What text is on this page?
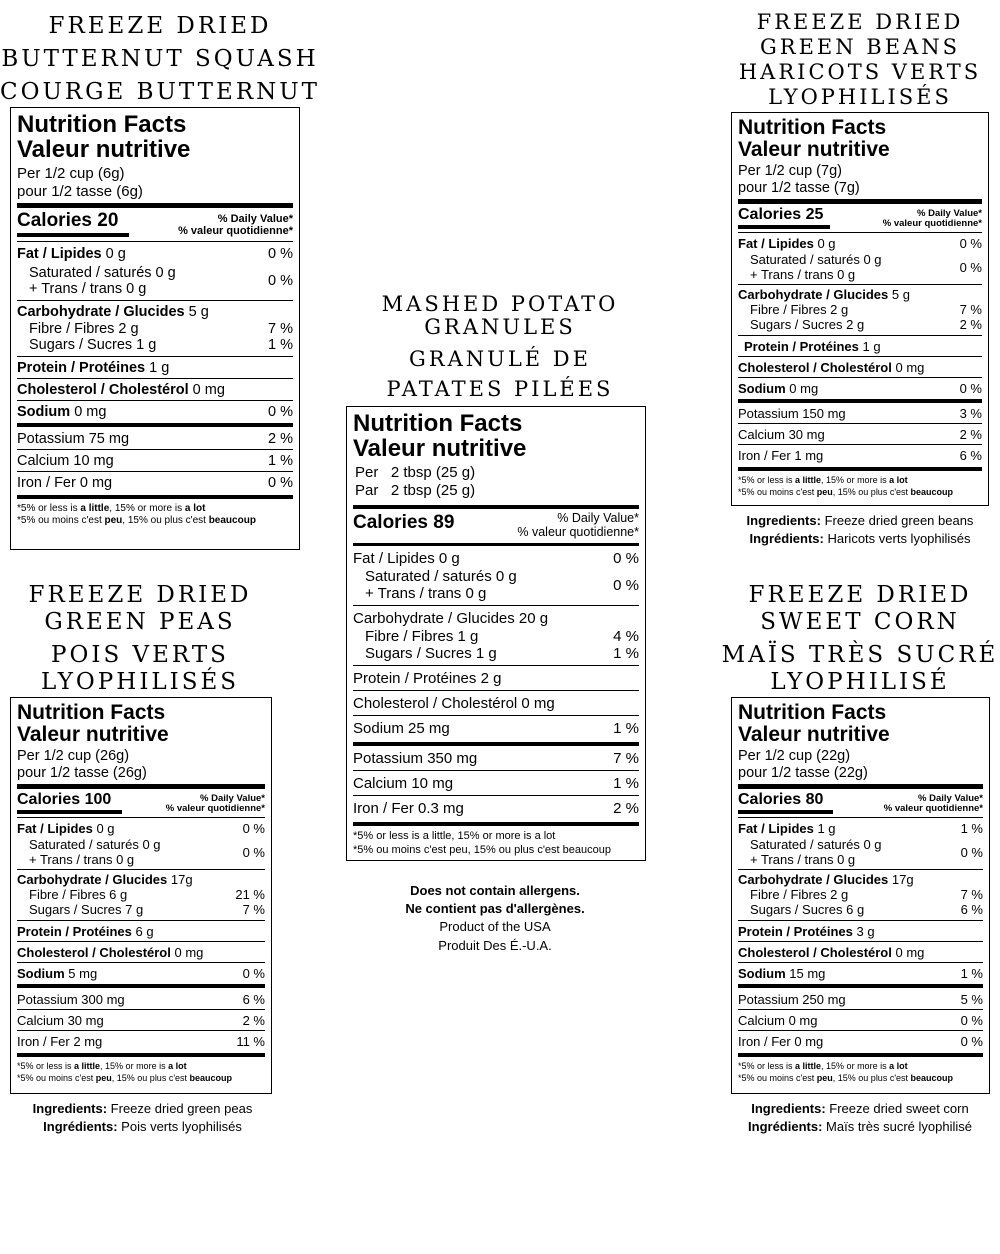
FREEZE DRIED
BUTTERNUT SQUASH
COURGE BUTTERNUT
Nutrition Facts
Valeur nutritive
Per 1/2 cup (6g)
pour 1/2 tasse (6g)
Calories 20	% Daily Value*
% valeur quotidienne*
Fat / Lipides 0 g	0 %
Saturated / saturés 0 g
+ Trans / trans 0 g	0 %
Carbohydrate / Glucides 5 g
Fibre / Fibres 2 g	7 %
Sugars / Sucres 1 g	1 %
Protein / Protéines 1 g
Cholesterol / Cholestérol 0 mg
Sodium 0 mg	0 %
Potassium 75 mg	2 %
Calcium 10 mg	1 %
Iron / Fer 0 mg	0 %
*5% or less is a little, 15% or more is a lot
*5% ou moins c'est peu, 15% ou plus c'est beaucoup
FREEZE DRIED
GREEN BEANS
HARICOTS VERTS
LYOPHILISÉS
Nutrition Facts
Valeur nutritive
Per 1/2 cup (7g)
pour 1/2 tasse (7g)
Calories 25	% Daily Value*
% valeur quotidienne*
Fat / Lipides 0 g	0 %
Saturated / saturés 0 g
+ Trans / trans 0 g	0 %
Carbohydrate / Glucides 5 g
Fibre / Fibres 2 g	7 %
Sugars / Sucres 2 g	2 %
Protein / Protéines 1 g
Cholesterol / Cholestérol 0 mg
Sodium 0 mg	0 %
Potassium 150 mg	3 %
Calcium 30 mg	2 %
Iron / Fer 1 mg	6 %
*5% or less is a little, 15% or more is a lot
*5% ou moins c'est peu, 15% ou plus c'est beaucoup
Ingredients: Freeze dried green beans
Ingrédients: Haricots verts lyophilisés
MASHED POTATO
GRANULES
GRANULÉ DE
PATATES PILÉES
Nutrition Facts
Valeur nutritive
Per   2 tbsp (25 g)
Par   2 tbsp (25 g)
Calories 89	% Daily Value*
% valeur quotidienne*
Fat / Lipides 0 g	0 %
Saturated / saturés 0 g
+ Trans / trans 0 g	0 %
Carbohydrate / Glucides 20 g
Fibre / Fibres 1 g	4 %
Sugars / Sucres 1 g	1 %
Protein / Protéines 2 g
Cholesterol / Cholestérol 0 mg
Sodium 25 mg	1 %
Potassium 350 mg	7 %
Calcium 10 mg	1 %
Iron / Fer 0.3 mg	2 %
*5% or less is a little, 15% or more is a lot
*5% ou moins c'est peu, 15% ou plus c'est beaucoup
Does not contain allergens.
Ne contient pas d'allergènes.
Product of the USA
Produit Des É.-U.A.
FREEZE DRIED
GREEN PEAS
POIS VERTS
LYOPHILISÉS
Nutrition Facts
Valeur nutritive
Per 1/2 cup (26g)
pour 1/2 tasse (26g)
Calories 100	% Daily Value*
% valeur quotidienne*
Fat / Lipides 0 g	0 %
Saturated / saturés 0 g
+ Trans / trans 0 g	0 %
Carbohydrate / Glucides 17g
Fibre / Fibres 6 g	21 %
Sugars / Sucres 7 g	7 %
Protein / Protéines 6 g
Cholesterol / Cholestérol 0 mg
Sodium 5 mg	0 %
Potassium 300 mg	6 %
Calcium 30 mg	2 %
Iron / Fer 2 mg	11 %
*5% or less is a little, 15% or more is a lot
*5% ou moins c'est peu, 15% ou plus c'est beaucoup
Ingredients: Freeze dried green peas
Ingrédients: Pois verts lyophilisés
FREEZE DRIED
SWEET CORN
MAÏS TRÈS SUCRÉ
LYOPHILISÉ
Nutrition Facts
Valeur nutritive
Per 1/2 cup (22g)
pour 1/2 tasse (22g)
Calories 80	% Daily Value*
% valeur quotidienne*
Fat / Lipides 1 g	1 %
Saturated / saturés 0 g
+ Trans / trans 0 g	0 %
Carbohydrate / Glucides 17g
Fibre / Fibres 2 g	7 %
Sugars / Sucres 6 g	6 %
Protein / Protéines 3 g
Cholesterol / Cholestérol 0 mg
Sodium 15 mg	1 %
Potassium 250 mg	5 %
Calcium 0 mg	0 %
Iron / Fer 0 mg	0 %
*5% or less is a little, 15% or more is a lot
*5% ou moins c'est peu, 15% ou plus c'est beaucoup
Ingredients: Freeze dried sweet corn
Ingrédients: Maïs très sucré lyophilisé
